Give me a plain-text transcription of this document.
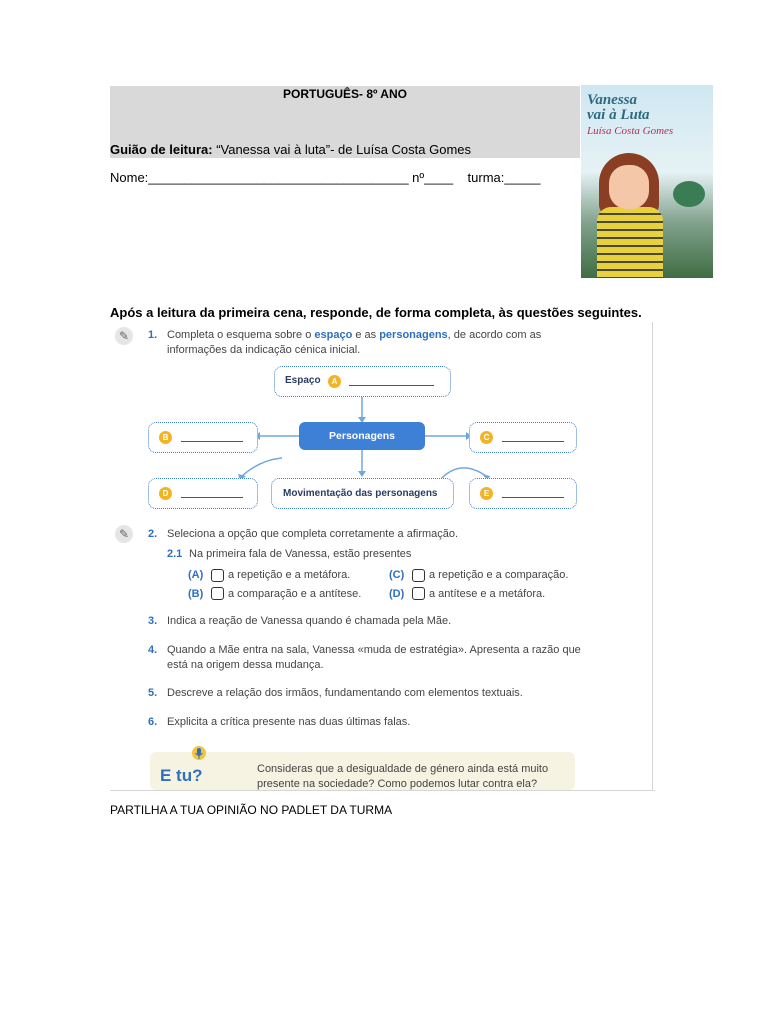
PORTUGUÊS- 8º ANO
Guião de leitura: “Vanessa vai à luta”- de Luísa Costa Gomes
Nome:____________________________________ nº____    turma:_____
Vanessa
vai à Luta
Luísa Costa Gomes
Após a leitura da primeira cena, responde, de forma completa, às questões seguintes.
✎	1. Completa o esquema sobre o espaço e as personagens, de acordo com as informações da indicação cénica inicial.
Espaço	A
Personagens
B	C
D	Movimentação das personagens	E
✎	2. Seleciona a opção que completa corretamente a afirmação.
2.1 Na primeira fala de Vanessa, estão presentes
(A) a repetição e a metáfora.
(B) a comparação e a antítese.
(C) a repetição e a comparação.
(D) a antítese e a metáfora.
3. Indica a reação de Vanessa quando é chamada pela Mãe.
4. Quando a Mãe entra na sala, Vanessa «muda de estratégia». Apresenta a razão que está na origem dessa mudança.
5. Descreve a relação dos irmãos, fundamentando com elementos textuais.
6. Explicita a crítica presente nas duas últimas falas.
E tu?	Consideras que a desigualdade de género ainda está muito presente na sociedade? Como podemos lutar contra ela?
PARTILHA A TUA OPINIÃO NO PADLET DA TURMA
